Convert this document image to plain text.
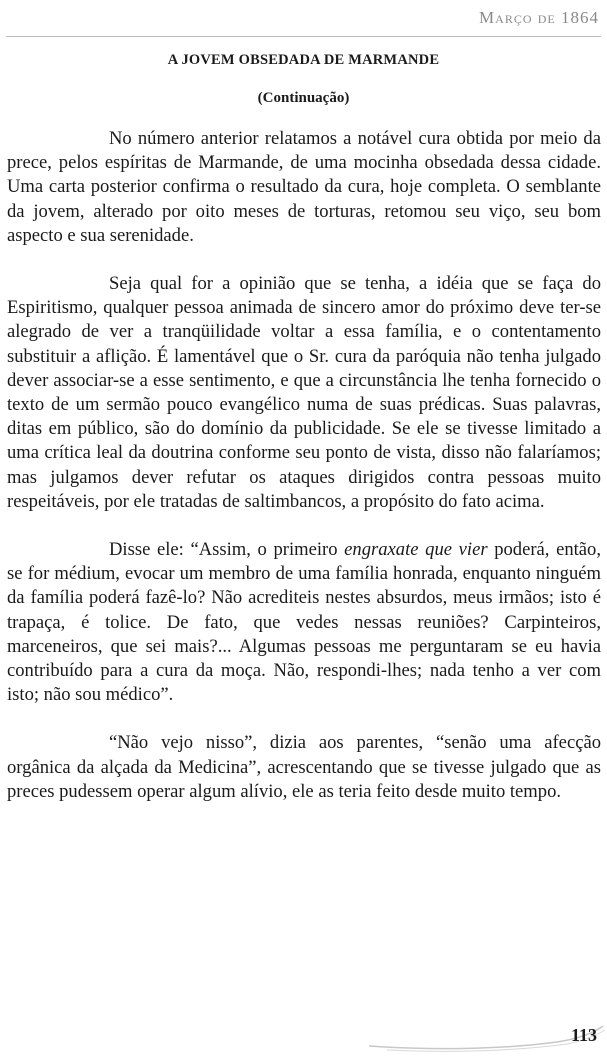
Março de 1864
A JOVEM OBSEDADA DE MARMANDE
(Continuação)

No número anterior relatamos a notável cura obtida por meio da prece, pelos espíritas de Marmande, de uma mocinha obsedada dessa cidade. Uma carta posterior confirma o resultado da cura, hoje completa. O semblante da jovem, alterado por oito meses de torturas, retomou seu viço, seu bom aspecto e sua serenidade.

Seja qual for a opinião que se tenha, a idéia que se faça do Espiritismo, qualquer pessoa animada de sincero amor do próximo deve ter-se alegrado de ver a tranqüilidade voltar a essa família, e o contentamento substituir a aflição. É lamentável que o Sr. cura da paróquia não tenha julgado dever associar-se a esse sentimento, e que a circunstância lhe tenha fornecido o texto de um sermão pouco evangélico numa de suas prédicas. Suas palavras, ditas em público, são do domínio da publicidade. Se ele se tivesse limitado a uma crítica leal da doutrina conforme seu ponto de vista, disso não falaríamos; mas julgamos dever refutar os ataques dirigidos contra pessoas muito respeitáveis, por ele tratadas de saltimbancos, a propósito do fato acima.

Disse ele: “Assim, o primeiro engraxate que vier poderá, então, se for médium, evocar um membro de uma família honrada, enquanto ninguém da família poderá fazê-lo? Não acrediteis nestes absurdos, meus irmãos; isto é trapaça, é tolice. De fato, que vedes nessas reuniões? Carpinteiros, marceneiros, que sei mais?... Algumas pessoas me perguntaram se eu havia contribuído para a cura da moça. Não, respondi-lhes; nada tenho a ver com isto; não sou médico”.

“Não vejo nisso”, dizia aos parentes, “senão uma afecção orgânica da alçada da Medicina”, acrescentando que se tivesse julgado que as preces pudessem operar algum alívio, ele as teria feito desde muito tempo.

113
